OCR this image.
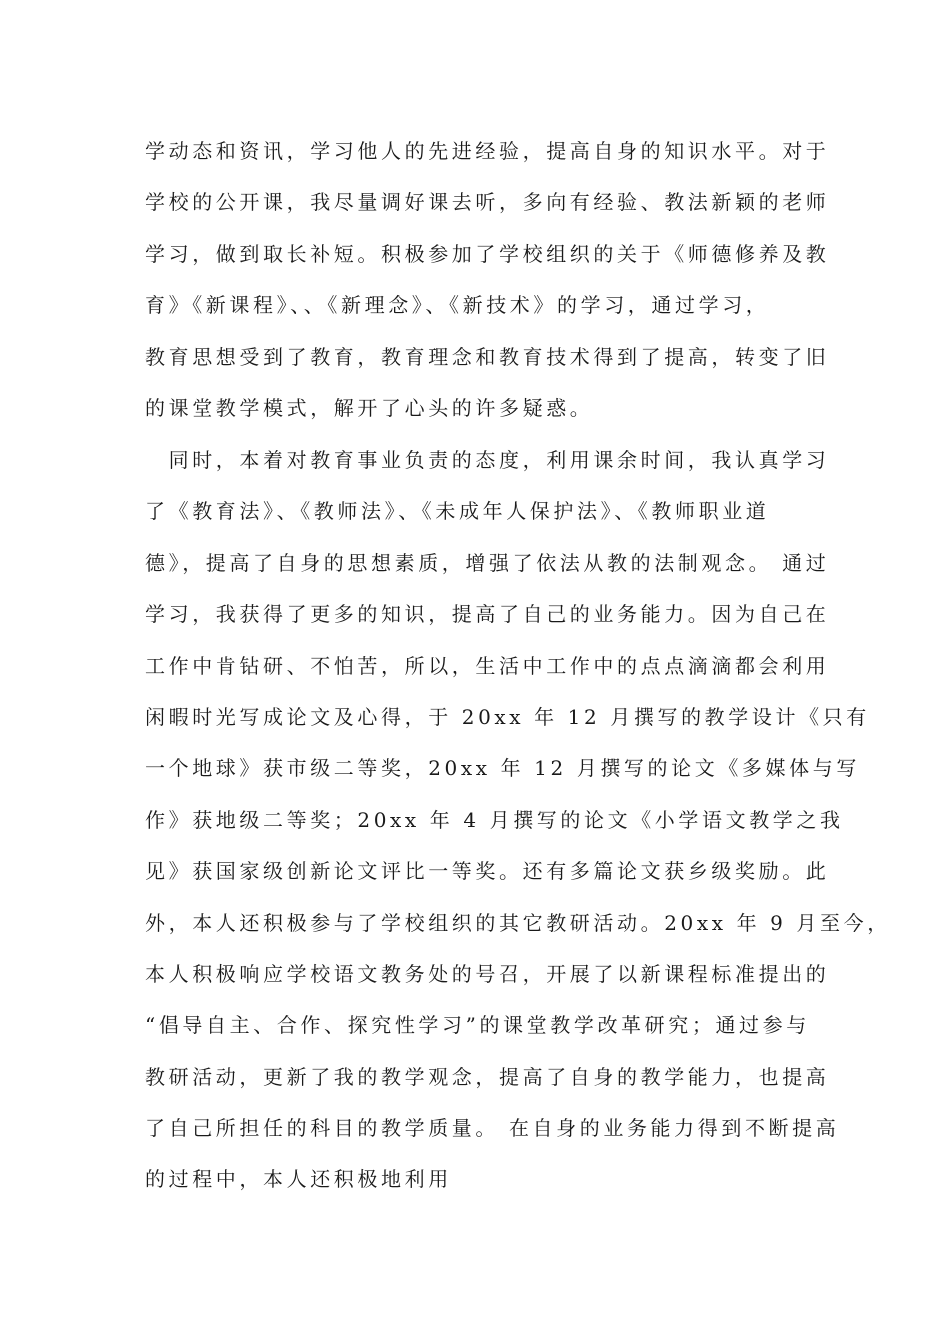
学动态和资讯，学习他人的先进经验，提高自身的知识水平。对于
学校的公开课，我尽量调好课去听，多向有经验、教法新颖的老师
学习，做到取长补短。积极参加了学校组织的关于《师德修养及教
育》《新课程》、、《新理念》、《新技术》的学习，通过学习，
教育思想受到了教育，教育理念和教育技术得到了提高，转变了旧
的课堂教学模式，解开了心头的许多疑惑。
　同时，本着对教育事业负责的态度，利用课余时间，我认真学习
了《教育法》、《教师法》、《未成年人保护法》、《教师职业道
德》，提高了自身的思想素质，增强了依法从教的法制观念。 通过
学习，我获得了更多的知识，提高了自己的业务能力。因为自己在
工作中肯钻研、不怕苦，所以，生活中工作中的点点滴滴都会利用
闲暇时光写成论文及心得，于 20xx 年 12 月撰写的教学设计《只有
一个地球》获市级二等奖，20xx 年 12 月撰写的论文《多媒体与写
作》获地级二等奖；20xx 年 4 月撰写的论文《小学语文教学之我
见》获国家级创新论文评比一等奖。还有多篇论文获乡级奖励。此
外，本人还积极参与了学校组织的其它教研活动。20xx 年 9 月至今，
本人积极响应学校语文教务处的号召，开展了以新课程标准提出的
“倡导自主、合作、探究性学习”的课堂教学改革研究；通过参与
教研活动，更新了我的教学观念，提高了自身的教学能力，也提高
了自己所担任的科目的教学质量。 在自身的业务能力得到不断提高
的过程中，本人还积极地利用
